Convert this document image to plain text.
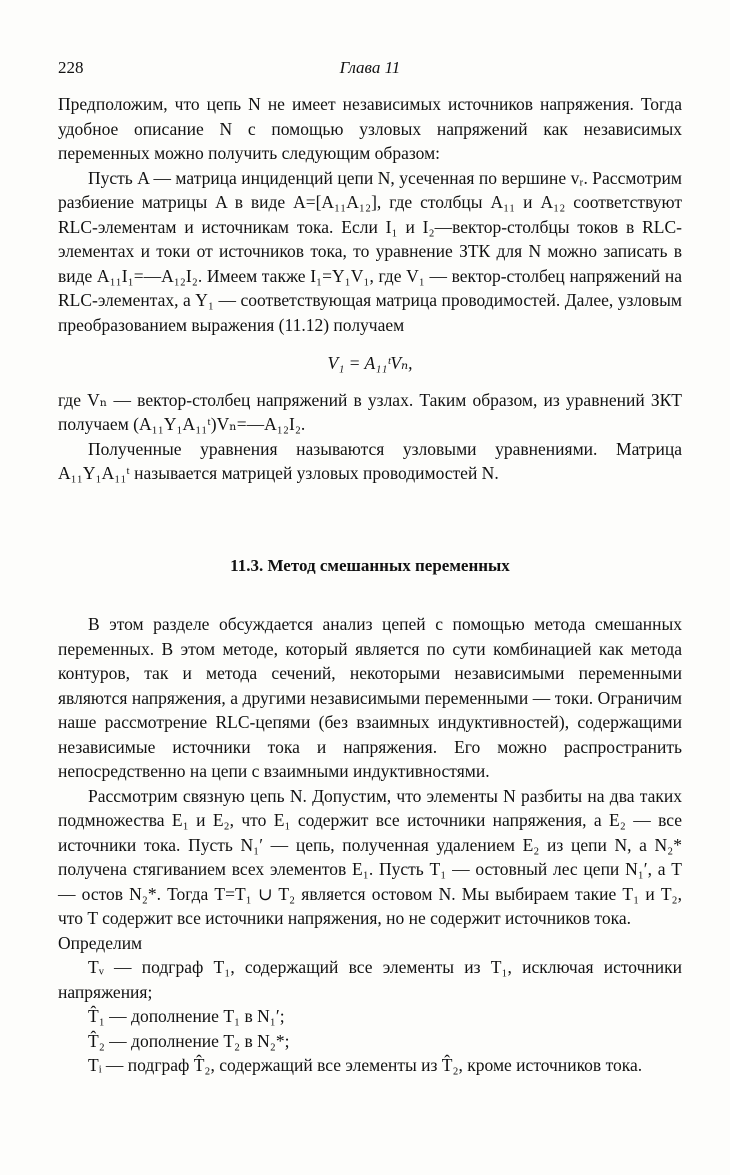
228	Глава 11

Предположим, что цепь N не имеет независимых источников напряжения. Тогда удобное описание N с помощью узловых напряжений как независимых переменных можно получить следующим образом:

Пусть A — матрица инциденций цепи N, усеченная по вершине vᵣ. Рассмотрим разбиение матрицы A в виде A=[A₁₁A₁₂], где столбцы A₁₁ и A₁₂ соответствуют RLC-элементам и источникам тока. Если I₁ и I₂—вектор-столбцы токов в RLC-элементах и токи от источников тока, то уравнение ЗТК для N можно записать в виде A₁₁I₁=—A₁₂I₂. Имеем также I₁=Y₁V₁, где V₁ — вектор-столбец напряжений на RLC-элементах, а Y₁ — соответствующая матрица проводимостей. Далее, узловым преобразованием выражения (11.12) получаем

V₁ = A₁₁ᵗVₙ,

где Vₙ — вектор-столбец напряжений в узлах. Таким образом, из уравнений ЗКТ получаем (A₁₁Y₁A₁₁ᵗ)Vₙ=—A₁₂I₂.

Полученные уравнения называются узловыми уравнениями. Матрица A₁₁Y₁A₁₁ᵗ называется матрицей узловых проводимостей N.

11.3. Метод смешанных переменных

В этом разделе обсуждается анализ цепей с помощью метода смешанных переменных. В этом методе, который является по сути комбинацией как метода контуров, так и метода сечений, некоторыми независимыми переменными являются напряжения, а другими независимыми переменными — токи. Ограничим наше рассмотрение RLC-цепями (без взаимных индуктивностей), содержащими независимые источники тока и напряжения. Его можно распространить непосредственно на цепи с взаимными индуктивностями.

Рассмотрим связную цепь N. Допустим, что элементы N разбиты на два таких подмножества E₁ и E₂, что E₁ содержит все источники напряжения, а E₂ — все источники тока. Пусть N₁′ — цепь, полученная удалением E₂ из цепи N, а N₂* получена стягиванием всех элементов E₁. Пусть T₁ — остовный лес цепи N₁′, а T — остов N₂*. Тогда T=T₁ ∪ T₂ является остовом N. Мы выбираем такие T₁ и T₂, что T содержит все источники напряжения, но не содержит источников тока.

Определим

Tᵥ — подграф T₁, содержащий все элементы из T₁, исключая источники напряжения;

T̂₁ — дополнение T₁ в N₁′;

T̂₂ — дополнение T₂ в N₂*;

Tᵢ — подграф T̂₂, содержащий все элементы из T̂₂, кроме источников тока.
